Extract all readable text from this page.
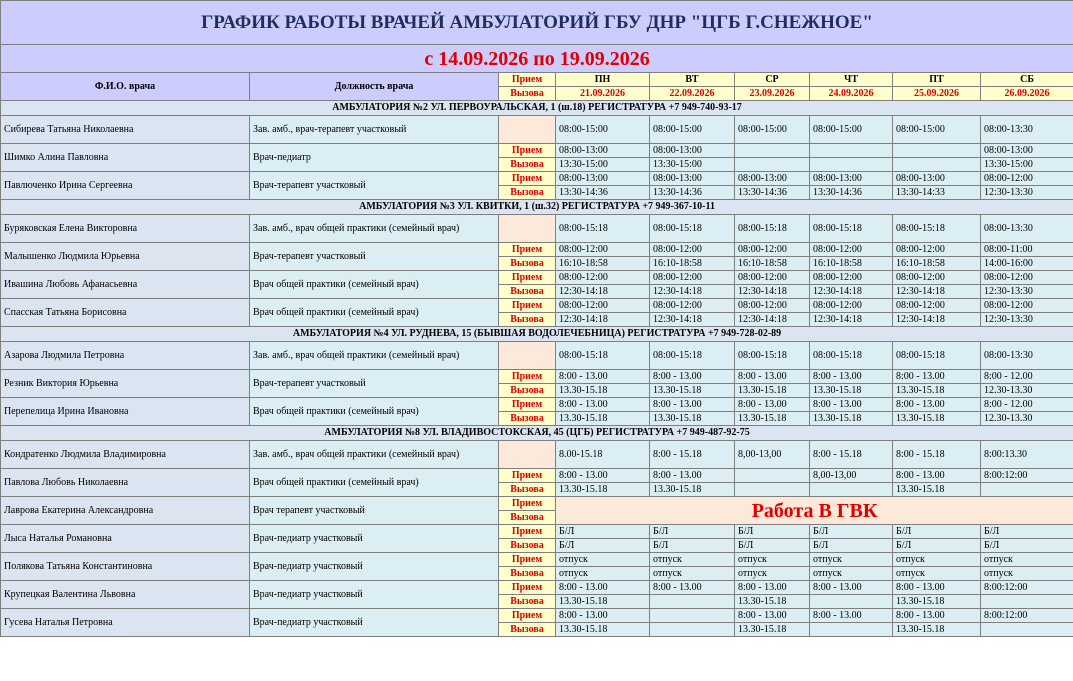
ГРАФИК РАБОТЫ ВРАЧЕЙ АМБУЛАТОРИЙ ГБУ ДНР "ЦГБ Г.СНЕЖНОЕ"								
с 14.09.2026 по 19.09.2026								
Ф.И.О. врача	Должность врача	Прием	ПН	ВТ	СР	ЧТ	ПТ	СБ
		Вызова	21.09.2026	22.09.2026	23.09.2026	24.09.2026	25.09.2026	26.09.2026
АМБУЛАТОРИЯ №2 УЛ. ПЕРВОУРАЛЬСКАЯ, 1 (ш.18) РЕГИСТРАТУРА +7 949-740-93-17								
Сибирева Татьяна Николаевна	Зав. амб., врач-терапевт участковый		08:00-15:00	08:00-15:00	08:00-15:00	08:00-15:00	08:00-15:00	08:00-13:30

Шимко Алина Павловна	Врач-педиатр	Прием	08:00-13:00	08:00-13:00				08:00-13:00
		Вызова	13:30-15:00	13:30-15:00				13:30-15:00
Павлюченко Ирина Сергеевна	Врач-терапевт участковый	Прием	08:00-13:00	08:00-13:00	08:00-13:00	08:00-13:00	08:00-13:00	08:00-12:00
		Вызова	13:30-14:36	13:30-14:36	13:30-14:36	13:30-14:36	13:30-14:33	12:30-13:30
АМБУЛАТОРИЯ №3 УЛ. КВИТКИ, 1 (ш.32) РЕГИСТРАТУРА +7 949-367-10-11								
Буряковская Елена Викторовна	Зав. амб., врач общей практики (семейный врач)		08:00-15:18	08:00-15:18	08:00-15:18	08:00-15:18	08:00-15:18	08:00-13:30

Малышенко Людмила Юрьевна	Врач-терапевт участковый	Прием	08:00-12:00	08:00-12:00	08:00-12:00	08:00-12:00	08:00-12:00	08:00-11:00
		Вызова	16:10-18:58	16:10-18:58	16:10-18:58	16:10-18:58	16:10-18:58	14:00-16:00
Ивашина Любовь Афанасьевна	Врач общей практики (семейный врач)	Прием	08:00-12:00	08:00-12:00	08:00-12:00	08:00-12:00	08:00-12:00	08:00-12:00
		Вызова	12:30-14:18	12:30-14:18	12:30-14:18	12:30-14:18	12:30-14:18	12:30-13:30
Спасская Татьяна Борисовна	Врач общей практики (семейный врач)	Прием	08:00-12:00	08:00-12:00	08:00-12:00	08:00-12:00	08:00-12:00	08:00-12:00
		Вызова	12:30-14:18	12:30-14:18	12:30-14:18	12:30-14:18	12:30-14:18	12:30-13:30
АМБУЛАТОРИЯ №4 УЛ. РУДНЕВА, 15 (БЫВШАЯ ВОДОЛЕЧЕБНИЦА) РЕГИСТРАТУРА +7 949-728-02-89								
Азарова Людмила Петровна	Зав. амб., врач общей практики (семейный врач)		08:00-15:18	08:00-15:18	08:00-15:18	08:00-15:18	08:00-15:18	08:00-13:30

Резник Виктория Юрьевна	Врач-терапевт участковый	Прием	8:00 - 13.00	8:00 - 13.00	8:00 - 13.00	8:00 - 13.00	8:00 - 13.00	8:00 - 12.00
		Вызова	13.30-15.18	13.30-15.18	13.30-15.18	13.30-15.18	13.30-15.18	12.30-13.30
Перепелица Ирина Ивановна	Врач общей практики (семейный врач)	Прием	8:00 - 13.00	8:00 - 13.00	8:00 - 13.00	8:00 - 13.00	8:00 - 13.00	8:00 - 12.00
		Вызова	13.30-15.18	13.30-15.18	13.30-15.18	13.30-15.18	13.30-15.18	12.30-13.30
АМБУЛАТОРИЯ №8 УЛ. ВЛАДИВОСТОКСКАЯ, 45 (ЦГБ) РЕГИСТРАТУРА +7 949-487-92-75								
Кондратенко Людмила Владимировна	Зав. амб., врач общей практики (семейный врач)		8.00-15.18	8:00 - 15.18	8,00-13,00	8:00 - 15.18	8:00 - 15.18	8:00:13.30

Павлова Любовь Николаевна	Врач общей практики (семейный врач)	Прием	8:00 - 13.00	8:00 - 13.00		8,00-13,00	8:00 - 13.00	8:00:12:00
		Вызова	13.30-15.18	13.30-15.18			13.30-15.18	
Лаврова Екатерина Александровна	Врач терапевт участковый	Прием	Работа В ГВК					
		Вызова						
Лыса Наталья Романовна	Врач-педиатр участковый	Прием	Б/Л	Б/Л	Б/Л	Б/Л	Б/Л	Б/Л
		Вызова	Б/Л	Б/Л	Б/Л	Б/Л	Б/Л	Б/Л
Полякова Татьяна Константиновна	Врач-педиатр участковый	Прием	отпуск	отпуск	отпуск	отпуск	отпуск	отпуск
		Вызова	отпуск	отпуск	отпуск	отпуск	отпуск	отпуск
Крупецкая Валентина Львовна	Врач-педиатр участковый	Прием	8:00 - 13.00	8:00 - 13.00	8:00 - 13.00	8:00 - 13.00	8:00 - 13.00	8:00:12:00
		Вызова	13.30-15.18		13.30-15.18		13.30-15.18	
Гусева Наталья Петровна	Врач-педиатр участковый	Прием	8:00 - 13.00		8:00 - 13.00	8:00 - 13.00	8:00 - 13.00	8:00:12:00
		Вызова	13.30-15.18		13.30-15.18		13.30-15.18	
